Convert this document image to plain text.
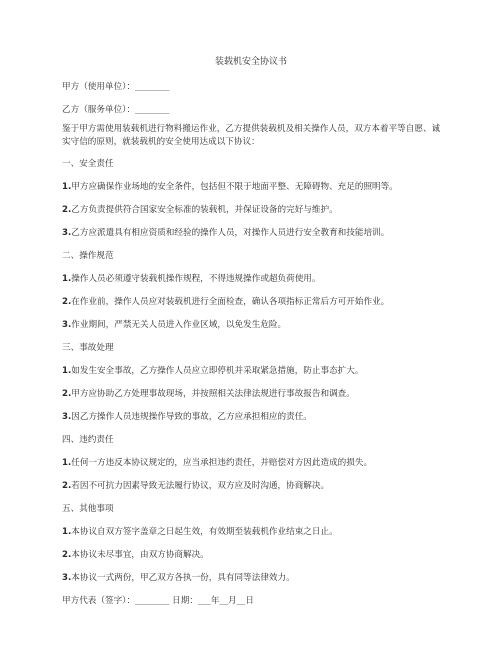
装载机安全协议书
甲方（使用单位）：________
乙方（服务单位）：________
鉴于甲方需使用装载机进行物料搬运作业，乙方提供装载机及相关操作人员，双方本着平等自愿、诚实守信的原则，就装载机的安全使用达成以下协议：
一、安全责任
1.甲方应确保作业场地的安全条件，包括但不限于地面平整、无障碍物、充足的照明等。
2.乙方负责提供符合国家安全标准的装载机，并保证设备的完好与维护。
3.乙方应派遣具有相应资质和经验的操作人员，对操作人员进行安全教育和技能培训。
二、操作规范
1.操作人员必须遵守装载机操作规程，不得违规操作或超负荷使用。
2.在作业前，操作人员应对装载机进行全面检查，确认各项指标正常后方可开始作业。
3.作业期间，严禁无关人员进入作业区域，以免发生危险。
三、事故处理
1.如发生安全事故，乙方操作人员应立即停机并采取紧急措施，防止事态扩大。
2.甲方应协助乙方处理事故现场，并按照相关法律法规进行事故报告和调查。
3.因乙方操作人员违规操作导致的事故，乙方应承担相应的责任。
四、违约责任
1.任何一方违反本协议规定的，应当承担违约责任，并赔偿对方因此造成的损失。
2.若因不可抗力因素导致无法履行协议，双方应及时沟通，协商解决。
五、其他事项
1.本协议自双方签字盖章之日起生效，有效期至装载机作业结束之日止。
2.本协议未尽事宜，由双方协商解决。
3.本协议一式两份，甲乙双方各执一份，具有同等法律效力。
甲方代表（签字）：________ 日期：___年__月__日
